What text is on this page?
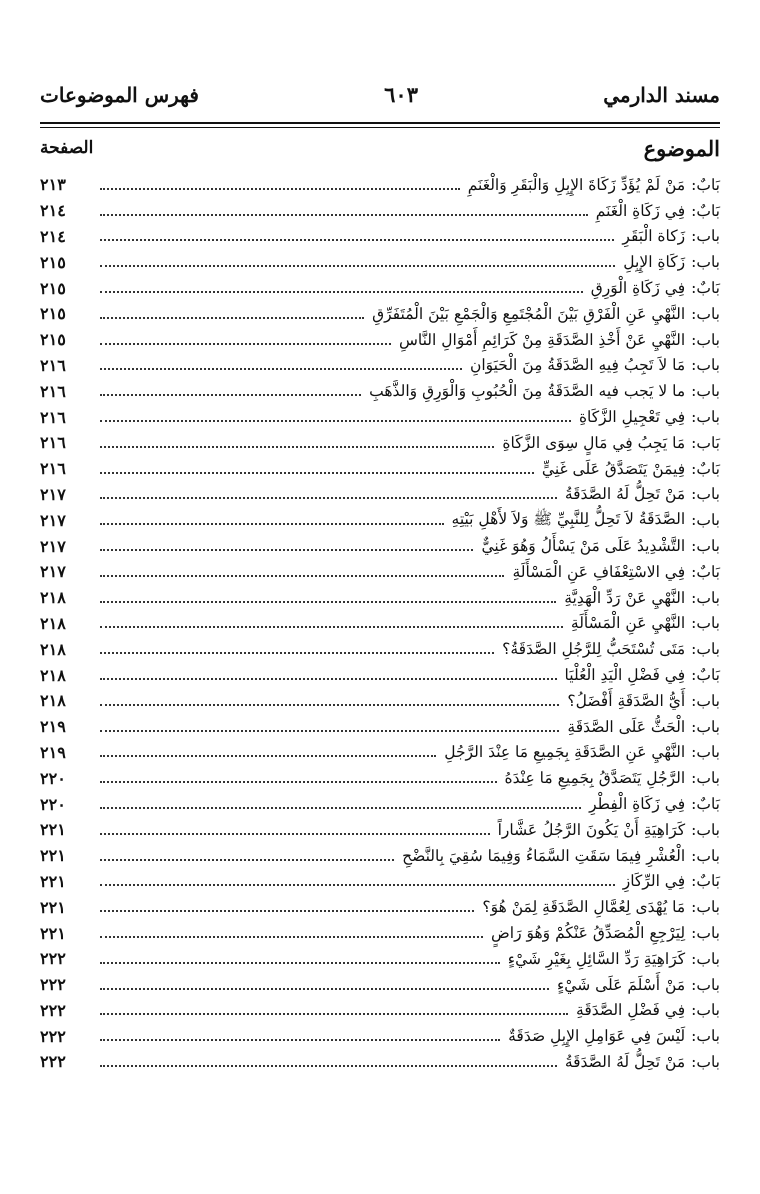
مسند الدارمي
٦٠٣
فهرس الموضوعات
الموضوع
الصفحة
بَابٌ:
مَنْ لَمْ يُؤَدِّ زَكَاةَ الإِبِلِ وَالْبَقَرِ وَالْغَنَمِ
٢١٣
بَابٌ:
فِي زَكَاةِ الْغَنَمِ
٢١٤
باب:
زَكاة الْبَقَرِ
٢١٤
باب:
زَكَاةِ الإِبِلِ
٢١٥
بَابٌ:
فِي زَكَاةِ الْوَرِقِ
٢١٥
باب:
النَّهْيِ عَنِ الْفَرْقِ بَيْنَ الْمُجْتَمِعِ وَالْجَمْعِ بَيْنَ الْمُتَفَرِّقِ
٢١٥
باب:
النَّهْيِ عَنْ أَخْذِ الصَّدَقَةِ مِنْ كَرَائِمِ أَمْوَالِ النَّاسِ
٢١٥
باب:
مَا لاَ تَجِبُ فِيهِ الصَّدَقَةُ مِنَ الْحَيَوَانِ
٢١٦
باب:
ما لا يَجب فيه الصَّدَقَةُ مِنَ الْحُبُوبِ وَالْوَرِقِ وَالذَّهَبِ
٢١٦
باب:
فِي تَعْجِيلِ الزَّكَاةِ
٢١٦
بَاب:
مَا يَجِبُ فِي مَالٍ سِوَى الزَّكَاةِ
٢١٦
بَابٌ:
فِيمَنْ يَتَصَدَّقُ عَلَى غَنِيٍّ
٢١٦
باب:
مَنْ تَحِلُّ لَهُ الصَّدَقَةُ
٢١٧
باب:
الصَّدَقَةُ لاَ تَحِلُّ لِلنَّبِيِّ ﷺ وَلاَ لأَهْلِ بَيْتِهِ
٢١٧
باب:
التَّشْدِيدُ عَلَى مَنْ يَسْأَلُ وَهُوَ غَنِيٌّ
٢١٧
بَابٌ:
فِي الاسْتِعْفَافِ عَنِ الْمَسْأَلَةِ
٢١٧
باب:
النَّهْيِ عَنْ رَدِّ الْهَدِيَّةِ
٢١٨
باب:
النَّهْيِ عَنِ الْمَسْأَلَةِ
٢١٨
باب:
مَتَى تُسْتَحَبُّ لِلرَّجُلِ الصَّدَقَةُ؟
٢١٨
بَابٌ:
فِي فَضْلِ الْيَدِ الْعُلْيَا
٢١٨
باب:
أَيُّ الصَّدَقَةِ أَفْضَلُ؟
٢١٨
باب:
الْحَثُّ عَلَى الصَّدَقَةِ
٢١٩
باب:
النَّهْيِ عَنِ الصَّدَقَةِ بِجَمِيعِ مَا عِنْدَ الرَّجُلِ
٢١٩
باب:
الرَّجُلِ يَتَصَدَّقُ بِجَمِيعِ مَا عِنْدَهُ
٢٢٠
بَابٌ:
فِي زَكَاةِ الْفِطْرِ
٢٢٠
باب:
كَرَاهِيَةِ أَنْ يَكُونَ الرَّجُلُ عَشَّاراً
٢٢١
باب:
الْعُشْرِ فِيمَا سَقَتِ السَّمَاءُ وَفِيمَا سُقِيَ بِالنَّضْحِ
٢٢١
بَابٌ:
فِي الرِّكَازِ
٢٢١
باب:
مَا يُهْدَى لِعُمَّالِ الصَّدَقَةِ لِمَنْ هُوَ؟
٢٢١
باب:
لِيَرْجِعِ الْمُصَدِّقُ عَنْكُمْ وَهُوَ رَاضٍ
٢٢١
باب:
كَرَاهِيَةِ رَدِّ السَّائِلِ بِغَيْرِ شَيْءٍ
٢٢٢
باب:
مَنْ أَسْلَمَ عَلَى شَيْءٍ
٢٢٢
باب:
فِي فَضْلِ الصَّدَقَةِ
٢٢٢
باب:
لَيْسَ فِي عَوَامِلِ الإِبِلِ صَدَقَةٌ
٢٢٢
باب:
مَنْ تَحِلُّ لَهُ الصَّدَقَةُ
٢٢٢
